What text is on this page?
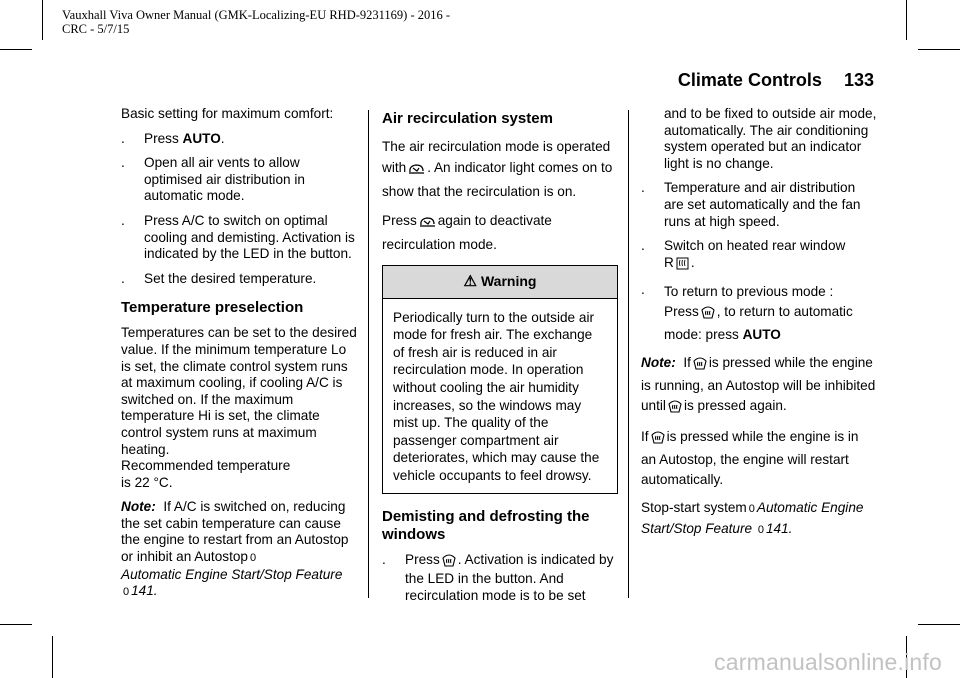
Vauxhall Viva Owner Manual (GMK-Localizing-EU RHD-9231169) - 2016 -
CRC - 5/7/15
Climate Controls 133

Basic setting for maximum comfort:

.	Press AUTO.
.	Open all air vents to allow optimised air distribution in automatic mode.
.	Press A/C to switch on optimal cooling and demisting. Activation is indicated by the LED in the button.
.	Set the desired temperature.
Temperature preselection

Temperatures can be set to the desired value. If the minimum temperature Lo is set, the climate control system runs at maximum cooling, if cooling A/C is switched on. If the maximum temperature Hi is set, the climate control system runs at maximum heating.

Recommended temperature

is 22 °C.

Note: If A/C is switched on, reducing the set cabin temperature can cause the engine to restart from an Autostop or inhibit an Autostop 0
Automatic Engine Start/Stop Feature 0 141.

Air recirculation system

The air recirculation mode is operated with . An indicator light comes on to show that the recirculation is on.

Press again to deactivate recirculation mode.

⚠ Warning
Periodically turn to the outside air mode for fresh air. The exchange of fresh air is reduced in air recirculation mode. In operation without cooling the air humidity increases, so the windows may mist up. The quality of the passenger compartment air deteriorates, which may cause the vehicle occupants to feel drowsy.
Demisting and defrosting the windows
.	Press . Activation is indicated by the LED in the button. And recirculation mode is to be set

and to be fixed to outside air mode, automatically. The air conditioning system operated but an indicator light is no change.

.	Temperature and air distribution are set automatically and the fan runs at high speed.
.	Switch on heated rear window
R .
.	To return to previous mode :
Press , to return to automatic mode: press AUTO

Note: If is pressed while the engine is running, an Autostop will be inhibited until is pressed again.

If is pressed while the engine is in an Autostop, the engine will restart automatically.

Stop-start system 0 Automatic Engine Start/Stop Feature 0 141.

carmanualsonline.info
